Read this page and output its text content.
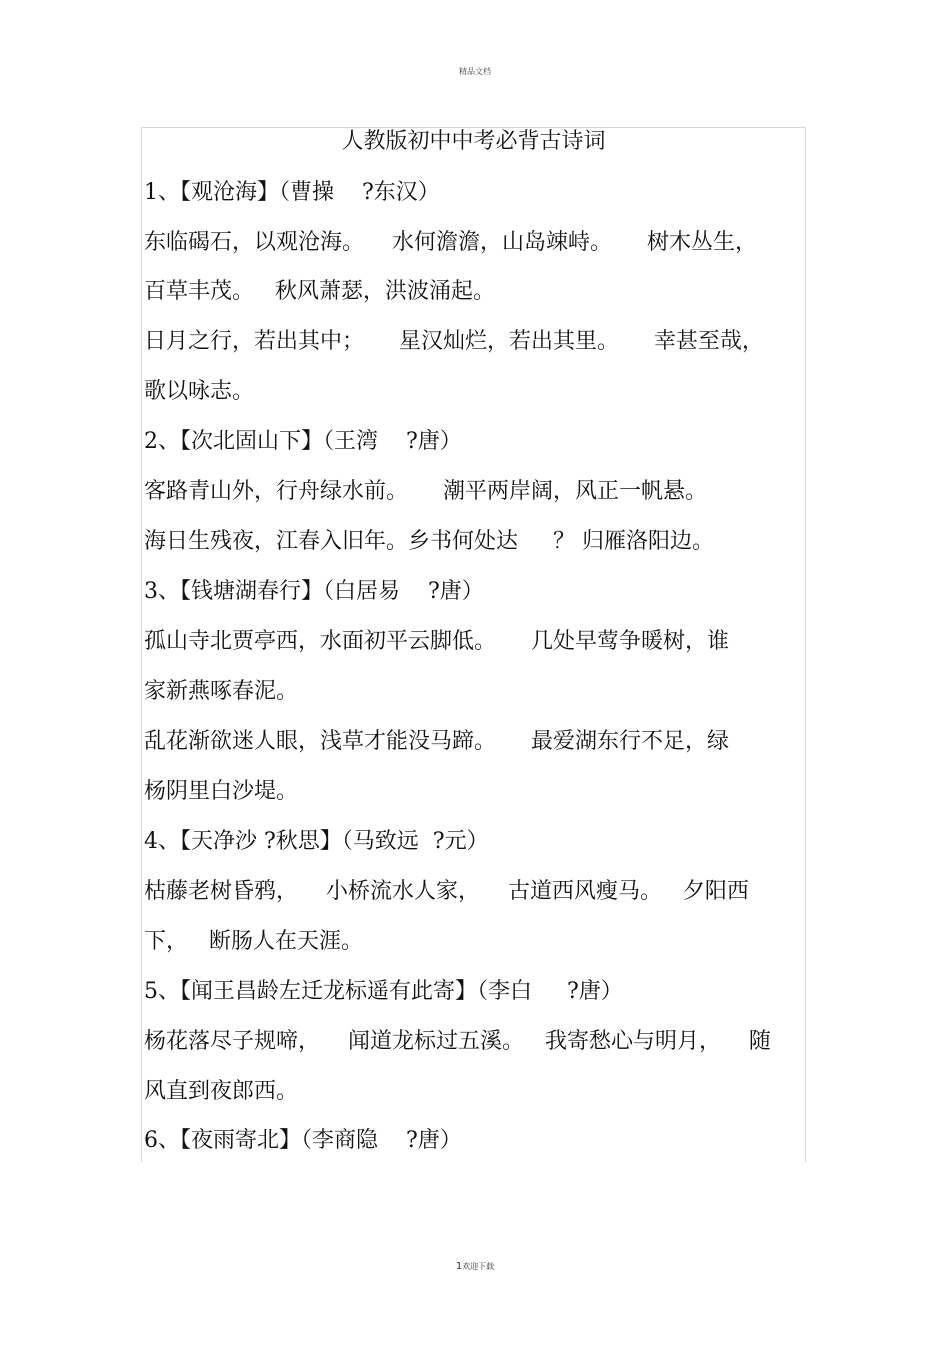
精品文档
人教版初中中考必背古诗词
1、【观沧海】（曹操    ?东汉）
东临碣石，以观沧海。    水何澹澹，山岛竦峙。     树木丛生，
百草丰茂。   秋风萧瑟，洪波涌起。
日月之行，若出其中；     星汉灿烂，若出其里。     幸甚至哉，
歌以咏志。
2、【次北固山下】（王湾    ?唐）
客路青山外，行舟绿水前。     潮平两岸阔，风正一帆悬。
海日生残夜，江春入旧年。乡书何处达     ？ 归雁洛阳边。
3、【钱塘湖春行】（白居易    ?唐）
孤山寺北贾亭西，水面初平云脚低。     几处早莺争暖树，谁
家新燕啄春泥。
乱花渐欲迷人眼，浅草才能没马蹄。     最爱湖东行不足，绿
杨阴里白沙堤。
4、【天净沙 ?秋思】（马致远  ?元）
枯藤老树昏鸦，    小桥流水人家，    古道西风瘦马。   夕阳西
下，   断肠人在天涯。
5、【闻王昌龄左迁龙标遥有此寄】（李白     ?唐）
杨花落尽子规啼，    闻道龙标过五溪。   我寄愁心与明月，    随
风直到夜郎西。
6、【夜雨寄北】（李商隐    ?唐）
1欢迎下载
